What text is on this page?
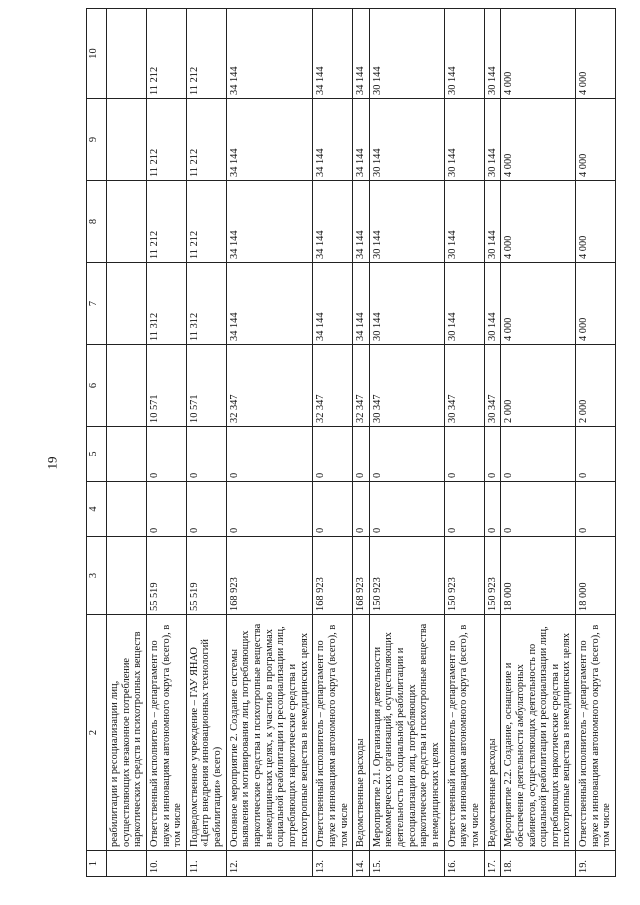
19
1	2	3	4	5	6	7	8	9	10
	реабилитации и ресоциализации лиц, осуществляющих незаконное потребление наркотических средств и психотропных веществ								
10.	Ответственный исполнитель – департамент по науке и инновациям автономного округа (всего), в том числе	55 519	0	0	10 571	11 312	11 212	11 212	11 212
11.	Подведомственное учреждение – ГАУ ЯНАО «Центр внедрения инновационных технологий реабилитации» (всего)	55 519	0	0	10 571	11 312	11 212	11 212	11 212
12.	Основное мероприятие 2. Создание системы выявления и мотивирования лиц, потребляющих наркотические средства и психотропные вещества в немедицинских целях, к участию в программах социальной реабилитации и ресоциализации лиц, потребляющих наркотические средства и психотропные вещества в немедицинских целях	168 923	0	0	32 347	34 144	34 144	34 144	34 144
13.	Ответственный исполнитель – департамент по науке и инновациям автономного округа (всего), в том числе	168 923	0	0	32 347	34 144	34 144	34 144	34 144
14.	Ведомственные расходы	168 923	0	0	32 347	34 144	34 144	34 144	34 144
15.	Мероприятие 2.1. Организация деятельности некоммерческих организаций, осуществляющих деятельность по социальной реабилитации и ресоциализации лиц, потребляющих наркотические средства и психотропные вещества в немедицинских целях	150 923	0	0	30 347	30 144	30 144	30 144	30 144
16.	Ответственный исполнитель – департамент по науке и инновациям автономного округа (всего), в том числе	150 923	0	0	30 347	30 144	30 144	30 144	30 144
17.	Ведомственные расходы	150 923	0	0	30 347	30 144	30 144	30 144	30 144
18.	Мероприятие 2.2. Создание, оснащение и обеспечение деятельности амбулаторных кабинетов, осуществляющих деятельность по социальной реабилитации и ресоциализации лиц, потребляющих наркотические средства и психотропные вещества в немедицинских целях	18 000	0	0	2 000	4 000	4 000	4 000	4 000
19.	Ответственный исполнитель – департамент по науке и инновациям автономного округа (всего), в том числе	18 000	0	0	2 000	4 000	4 000	4 000	4 000
